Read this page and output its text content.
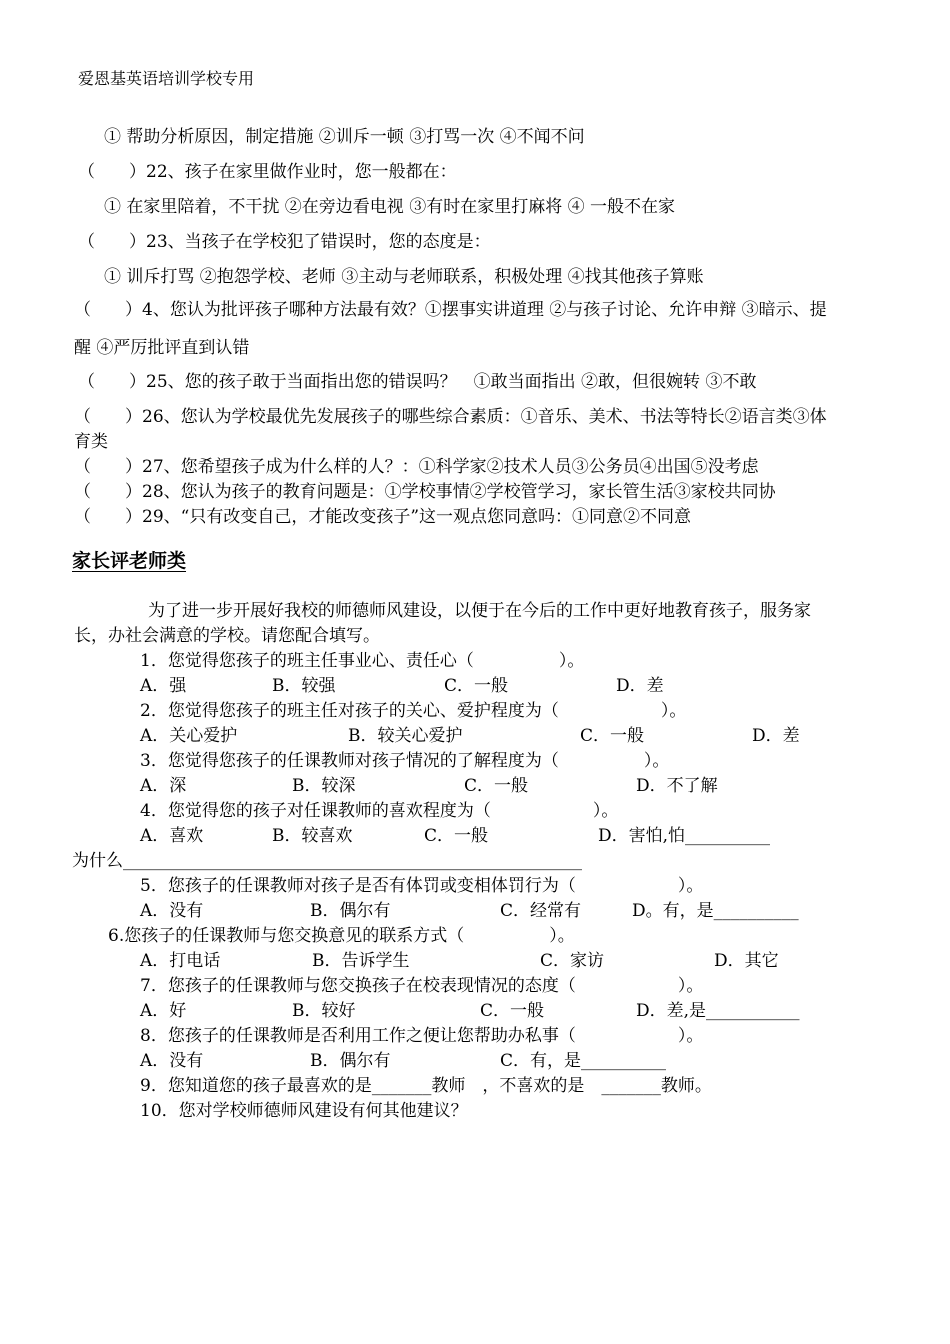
爱恩基英语培训学校专用
① 帮助分析原因，制定措施 ②训斥一顿 ③打骂一次 ④不闻不问
（　　）22、孩子在家里做作业时，您一般都在：
① 在家里陪着，不干扰 ②在旁边看电视 ③有时在家里打麻将 ④ 一般不在家
（　　）23、当孩子在学校犯了错误时，您的态度是：
① 训斥打骂 ②抱怨学校、老师 ③主动与老师联系，积极处理 ④找其他孩子算账
（　　）4、您认为批评孩子哪种方法最有效？①摆事实讲道理 ②与孩子讨论、允许申辩 ③暗示、提
醒 ④严厉批评直到认错
（　　）25、您的孩子敢于当面指出您的错误吗？　①敢当面指出 ②敢，但很婉转 ③不敢
（　　）26、您认为学校最优先发展孩子的哪些综合素质：①音乐、美术、书法等特长②语言类③体
育类
（　　）27、您希望孩子成为什么样的人？：①科学家②技术人员③公务员④出国⑤没考虑
（　　）28、您认为孩子的教育问题是：①学校事情②学校管学习，家长管生活③家校共同协
（　　）29、“只有改变自己，才能改变孩子”这一观点您同意吗：①同意②不同意
家长评老师类
为了进一步开展好我校的师德师风建设，以便于在今后的工作中更好地教育孩子，服务家
长，办社会满意的学校。请您配合填写。
1．您觉得您孩子的班主任事业心、责任心（　　　　　）。
A．强	B．较强	C．一般	D．差
2．您觉得您孩子的班主任对孩子的关心、爱护程度为（　　　　　　）。
A．关心爱护	B．较关心爱护	C．一般	D．差
3．您觉得您孩子的任课教师对孩子情况的了解程度为（　　　　　）。
A．深	B．较深	C．一般	D．不了解
4．您觉得您的孩子对任课教师的喜欢程度为（　　　　　　）。
A．喜欢	B．较喜欢	C．一般	D．害怕,怕__________
为什么______________________________________________________
5．您孩子的任课教师对孩子是否有体罚或变相体罚行为（　　　　　　）。
A．没有	B．偶尔有	C．经常有	D。有，是__________
6.您孩子的任课教师与您交换意见的联系方式（　　　　　）。
A．打电话	B．告诉学生	C．家访	D．其它
7．您孩子的任课教师与您交换孩子在校表现情况的态度（　　　　　　）。
A．好	B．较好	C．一般	D．差,是___________
8．您孩子的任课教师是否利用工作之便让您帮助办私事（　　　　　　）。
A．没有	B．偶尔有	C．有，是__________
9．您知道您的孩子最喜欢的是_______教师　，不喜欢的是　_______教师。
10．您对学校师德师风建设有何其他建议？
